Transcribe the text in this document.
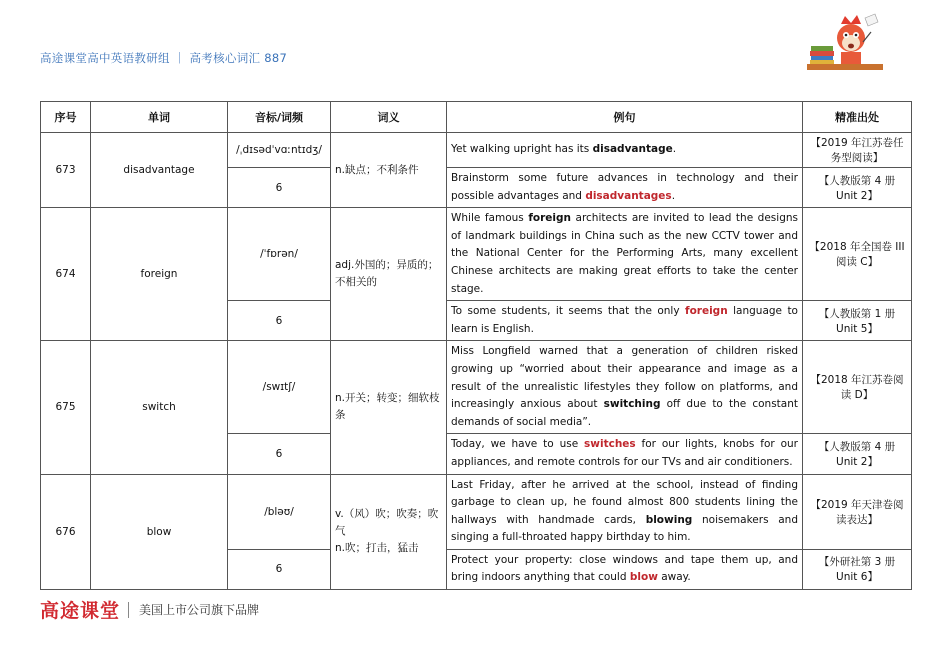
高途课堂高中英语教研组 ｜ 高考核心词汇 887
序号	单词	音标/词频	词义	例句	精准出处
673	disadvantage	/ˌdɪsədˈvɑːntɪdʒ/	n.缺点；不利条件	Yet walking upright has its disadvantage.	【2019 年江苏卷任务型阅读】
		6		Brainstorm some future advances in technology and their possible advantages and disadvantages.	【人教版第 4 册 Unit 2】
674	foreign	/ˈfɒrən/	adj.外国的；异质的；不相关的	While famous foreign architects are invited to lead the designs of landmark buildings in China such as the new CCTV tower and the National Center for the Performing Arts, many excellent Chinese architects are making great efforts to take the center stage.	【2018 年全国卷 III 阅读 C】
		6		To some students, it seems that the only foreign language to learn is English.	【人教版第 1 册 Unit 5】
675	switch	/swɪtʃ/	n.开关；转变；细软枝条	Miss Longfield warned that a generation of children risked growing up “worried about their appearance and image as a result of the unrealistic lifestyles they follow on platforms, and increasingly anxious about switching off due to the constant demands of social media”.	【2018 年江苏卷阅读 D】
		6		Today, we have to use switches for our lights, knobs for our appliances, and remote controls for our TVs and air conditioners.	【人教版第 4 册 Unit 2】
676	blow	/bləʊ/	v.（风）吹；吹奏；吹气
n.吹；打击，猛击	Last Friday, after he arrived at the school, instead of finding garbage to clean up, he found almost 800 students lining the hallways with handmade cards, blowing noisemakers and singing a full-throated happy birthday to him.	【2019 年天津卷阅读表达】
		6		Protect your property: close windows and tape them up, and bring indoors anything that could blow away.	【外研社第 3 册 Unit 6】
高途课堂 美国上市公司旗下品牌
